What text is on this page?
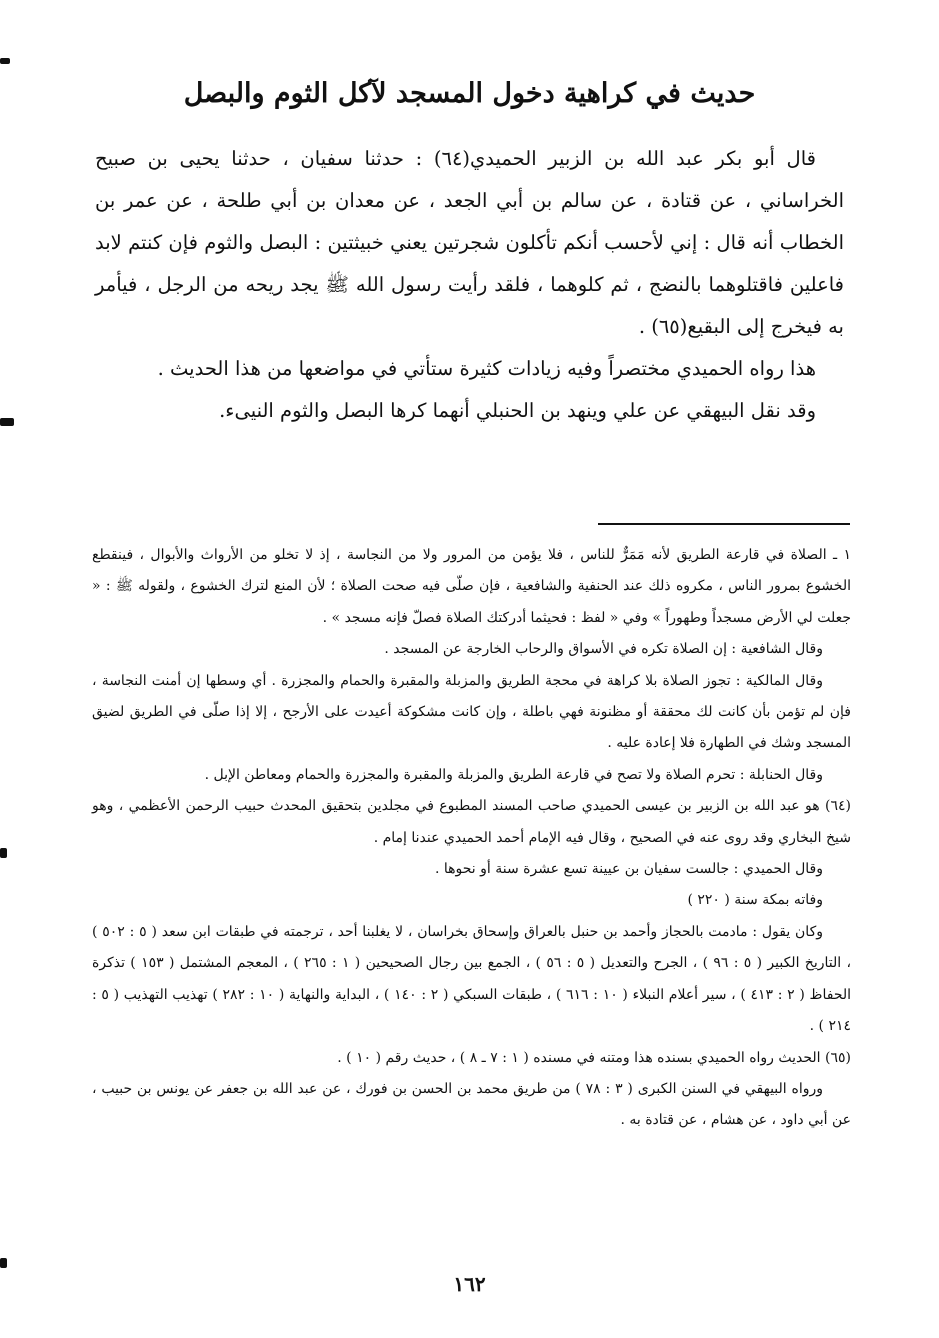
حديث في كراهية دخول المسجد لآكل الثوم والبصل

قال أبو بكر عبد الله بن الزبير الحميدي(٦٤) : حدثنا سفيان ، حدثنا يحيى بن صبيح الخراساني ، عن قتادة ، عن سالم بن أبي الجعد ، عن معدان بن أبي طلحة ، عن عمر بن الخطاب أنه قال : إني لأحسب أنكم تأكلون شجرتين يعني خبيثتين : البصل والثوم فإن كنتم لابد فاعلين فاقتلوهما بالنضج ، ثم كلوهما ، فلقد رأيت رسول الله ﷺ يجد ريحه من الرجل ، فيأمر به فيخرج إلى البقيع(٦٥) .

هذا رواه الحميدي مختصراً وفيه زيادات كثيرة ستأتي في مواضعها من هذا الحديث .

وقد نقل البيهقي عن علي وينهد بن الحنبلي أنهما كرها البصل والثوم النيىء.

١ ـ الصلاة في قارعة الطريق لأنه مَمَرٌّ للناس ، فلا يؤمن من المرور ولا من النجاسة ، إذ لا تخلو من الأرواث والأبوال ، فينقطع الخشوع بمرور الناس ، مكروه ذلك عند الحنفية والشافعية ، فإن صلّى فيه صحت الصلاة ؛ لأن المنع لترك الخشوع ، ولقوله ﷺ : « جعلت لي الأرض مسجداً وطهوراً » وفي « لفظ : فحيثما أدركتك الصلاة فصلّ فإنه مسجد » .

وقال الشافعية : إن الصلاة تكره في الأسواق والرحاب الخارجة عن المسجد .

وقال المالكية : تجوز الصلاة بلا كراهة في محجة الطريق والمزبلة والمقبرة والحمام والمجزرة . أي وسطها إن أمنت النجاسة ، فإن لم تؤمن بأن كانت لك محققة أو مظنونة فهي باطلة ، وإن كانت مشكوكة أعيدت على الأرجح ، إلا إذا صلّى في الطريق لضيق المسجد وشك في الطهارة فلا إعادة عليه .

وقال الحنابلة : تحرم الصلاة ولا تصح في قارعة الطريق والمزبلة والمقبرة والمجزرة والحمام ومعاطن الإبل .

(٦٤) هو عبد الله بن الزبير بن عيسى الحميدي صاحب المسند المطبوع في مجلدين بتحقيق المحدث حبيب الرحمن الأعظمي ، وهو شيخ البخاري وقد روى عنه في الصحيح ، وقال فيه الإمام أحمد الحميدي عندنا إمام .

وقال الحميدي : جالست سفيان بن عيينة تسع عشرة سنة أو نحوها .

وفاته بمكة سنة ( ٢٢٠ )

وكان يقول : مادمت بالحجاز وأحمد بن حنبل بالعراق وإسحاق بخراسان ، لا يغلبنا أحد ، ترجمته في طبقات ابن سعد ( ٥ : ٥٠٢ ) ، التاريخ الكبير ( ٥ : ٩٦ ) ، الجرح والتعديل ( ٥ : ٥٦ ) ، الجمع بين رجال الصحيحين ( ١ : ٢٦٥ ) ، المعجم المشتمل ( ١٥٣ ) تذكرة الحفاظ ( ٢ : ٤١٣ ) ، سير أعلام النبلاء ( ١٠ : ٦١٦ ) ، طبقات السبكي ( ٢ : ١٤٠ ) ، البداية والنهاية ( ١٠ : ٢٨٢ ) تهذيب التهذيب ( ٥ : ٢١٤ ) .

(٦٥) الحديث رواه الحميدي بسنده هذا ومتنه في مسنده ( ١ : ٧ ـ ٨ ) ، حديث رقم ( ١٠ ) .

ورواه البيهقي في السنن الكبرى ( ٣ : ٧٨ ) من طريق محمد بن الحسن بن فورك ، عن عبد الله بن جعفر عن يونس بن حبيب ، عن أبي داود ، عن هشام ، عن قتادة به .

١٦٢
